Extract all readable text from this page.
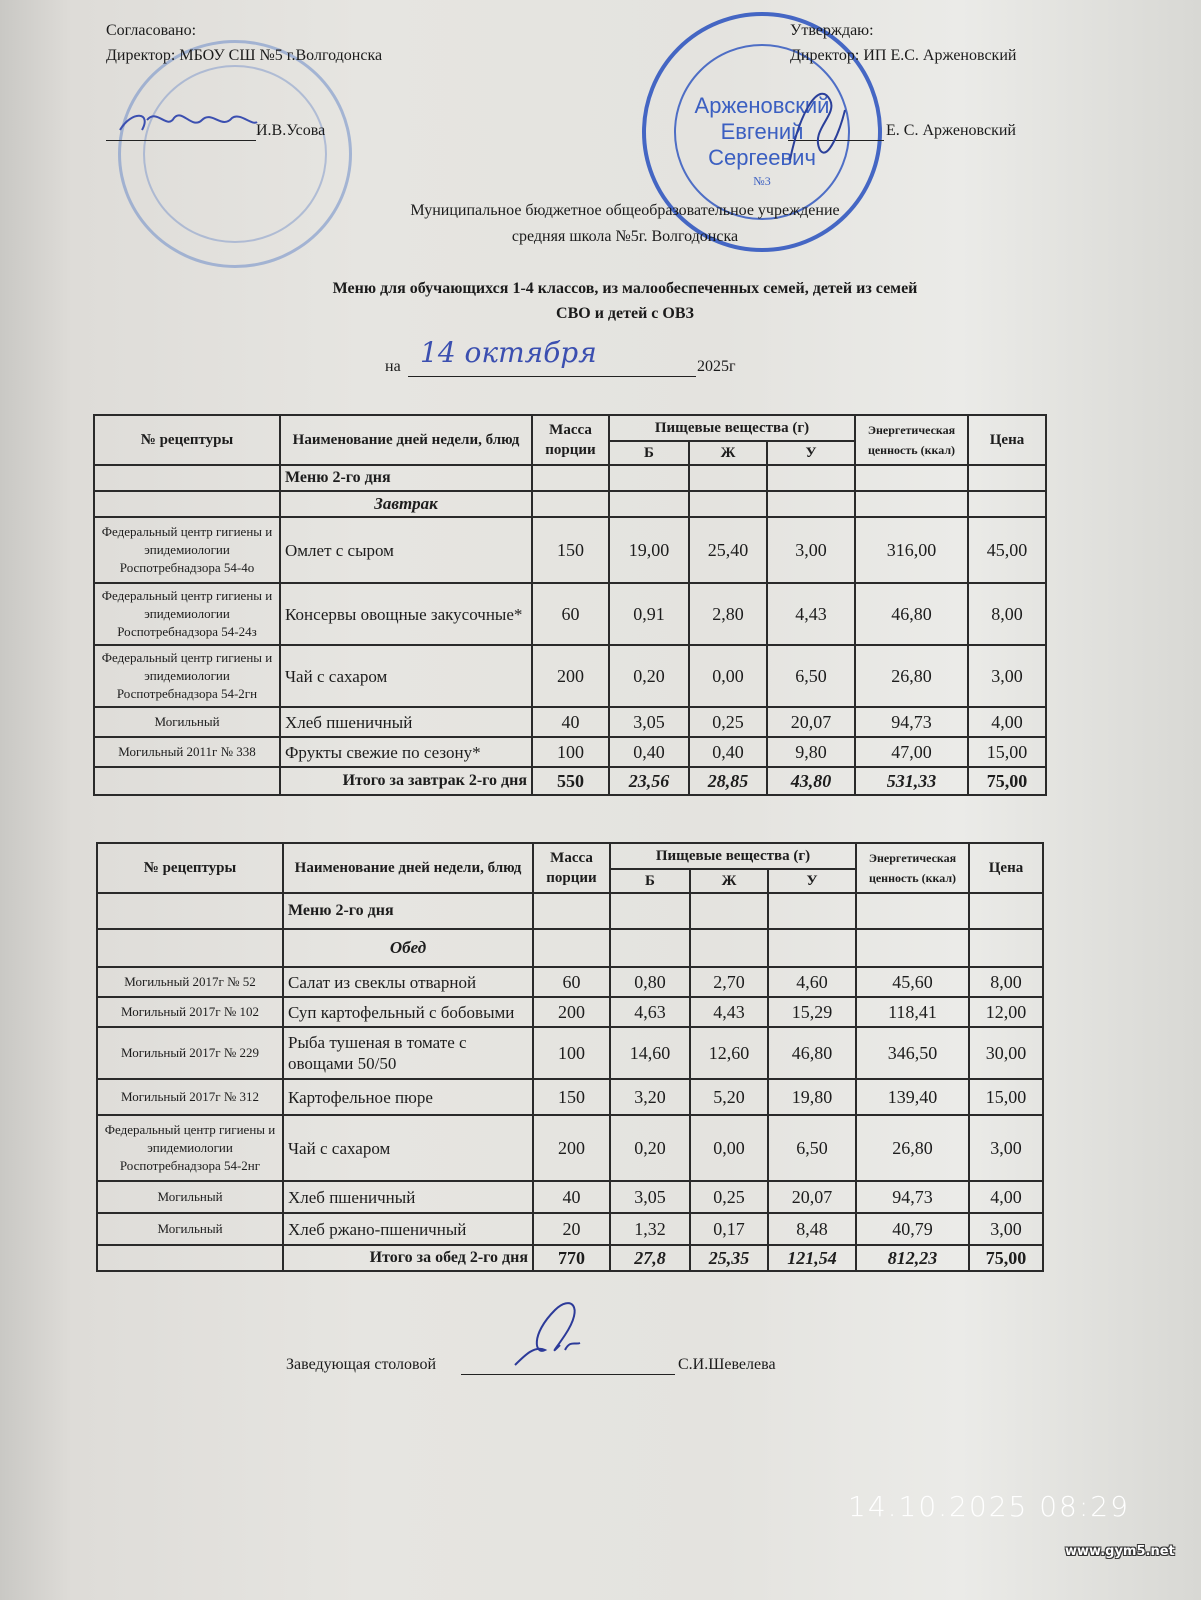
Арженовский
Евгений
Сергеевич
№3
Согласовано:
Директор: МБОУ СШ №5 г.Волгодонска
И.В.Усова
Утверждаю:
Директор: ИП Е.С. Арженовский
Е. С. Арженовский
Муниципальное бюджетное общеобразовательное учреждение
средняя школа №5г. Волгодонска
Меню для обучающихся 1-4 классов, из малообеспеченных семей, детей из семей
СВО и детей с ОВЗ
на 14 октября	2025г
№ рецептуры	Наименование дней недели, блюд	Масса порции	Пищевые вещества (г)			Энергетическая ценность (ккал)	Цена
			Б	Ж	У		
	Меню 2-го дня						
	Завтрак						
Федеральный центр гигиены и эпидемиологии Роспотребнадзора 54-4о	Омлет с сыром	150	19,00	25,40	3,00	316,00	45,00
Федеральный центр гигиены и эпидемиологии Роспотребнадзора 54-24з	Консервы овощные закусочные*	60	0,91	2,80	4,43	46,80	8,00
Федеральный центр гигиены и эпидемиологии Роспотребнадзора 54-2гн	Чай с сахаром	200	0,20	0,00	6,50	26,80	3,00
Могильный	Хлеб пшеничный	40	3,05	0,25	20,07	94,73	4,00
Могильный 2011г № 338	Фрукты свежие по сезону*	100	0,40	0,40	9,80	47,00	15,00
	Итого за завтрак 2-го дня	550	23,56	28,85	43,80	531,33	75,00
№ рецептуры	Наименование дней недели, блюд	Масса порции	Пищевые вещества (г)			Энергетическая ценность (ккал)	Цена
			Б	Ж	У		
	Меню 2-го дня						
	Обед						
Могильный 2017г № 52	Салат из свеклы отварной	60	0,80	2,70	4,60	45,60	8,00
Могильный 2017г № 102	Суп картофельный с бобовыми	200	4,63	4,43	15,29	118,41	12,00
Могильный 2017г № 229	Рыба тушеная в томате с овощами 50/50	100	14,60	12,60	46,80	346,50	30,00
Могильный 2017г № 312	Картофельное пюре	150	3,20	5,20	19,80	139,40	15,00
Федеральный центр гигиены и эпидемиологии Роспотребнадзора 54-2нг	Чай с сахаром	200	0,20	0,00	6,50	26,80	3,00
Могильный	Хлеб пшеничный	40	3,05	0,25	20,07	94,73	4,00
Могильный	Хлеб ржано-пшеничный	20	1,32	0,17	8,48	40,79	3,00
	Итого за обед 2-го дня	770	27,8	25,35	121,54	812,23	75,00
Заведующая столовой	С.И.Шевелева
14.10.2025 08:29
www.gym5.net
